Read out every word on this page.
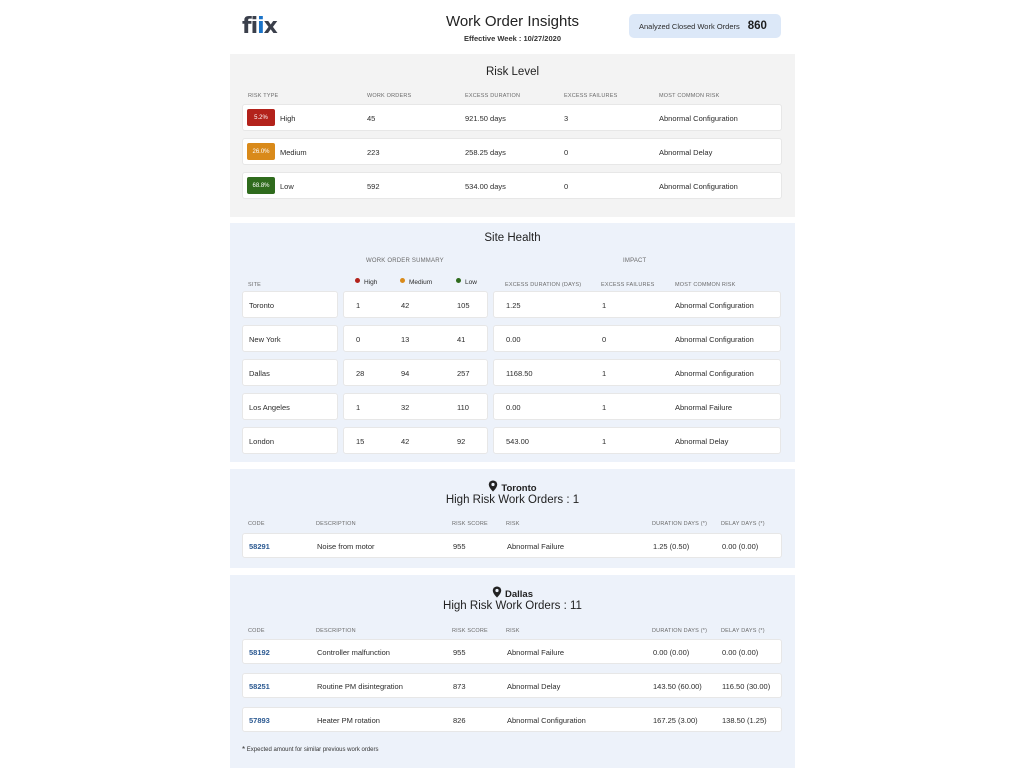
fi i x	Work Order Insights
Effective Week : 10/27/2020
Analyzed Closed Work Orders 860
Risk Level
RISK TYPE	WORK ORDERS	EXCESS DURATION	EXCESS FAILURES	MOST COMMON RISK
5.2%	High	45	921.50 days	3	Abnormal Configuration
26.0%	Medium	223	258.25 days	0	Abnormal Delay
68.8%	Low	592	534.00 days	0	Abnormal Configuration
Site Health
WORK ORDER SUMMARY	IMPACT
SITE	High	Medium	Low	EXCESS DURATION (DAYS)	EXCESS FAILURES	MOST COMMON RISK
Toronto	1	42	105	1.25	1	Abnormal Configuration
New York	0	13	41	0.00	0	Abnormal Configuration
Dallas	28	94	257	1168.50	1	Abnormal Configuration
Los Angeles	1	32	110	0.00	1	Abnormal Failure
London	15	42	92	543.00	1	Abnormal Delay
Toronto
High Risk Work Orders : 1
CODE	DESCRIPTION	RISK SCORE	RISK	DURATION DAYS (*)	DELAY DAYS (*)
58291	Noise from motor	955	Abnormal Failure	1.25 (0.50)	0.00 (0.00)
Dallas
High Risk Work Orders : 11
CODE	DESCRIPTION	RISK SCORE	RISK	DURATION DAYS (*)	DELAY DAYS (*)
58192	Controller malfunction	955	Abnormal Failure	0.00 (0.00)	0.00 (0.00)
58251	Routine PM disintegration	873	Abnormal Delay	143.50 (60.00)	116.50 (30.00)
57893	Heater PM rotation	826	Abnormal Configuration	167.25 (3.00)	138.50 (1.25)
* Expected amount for similar previous work orders
